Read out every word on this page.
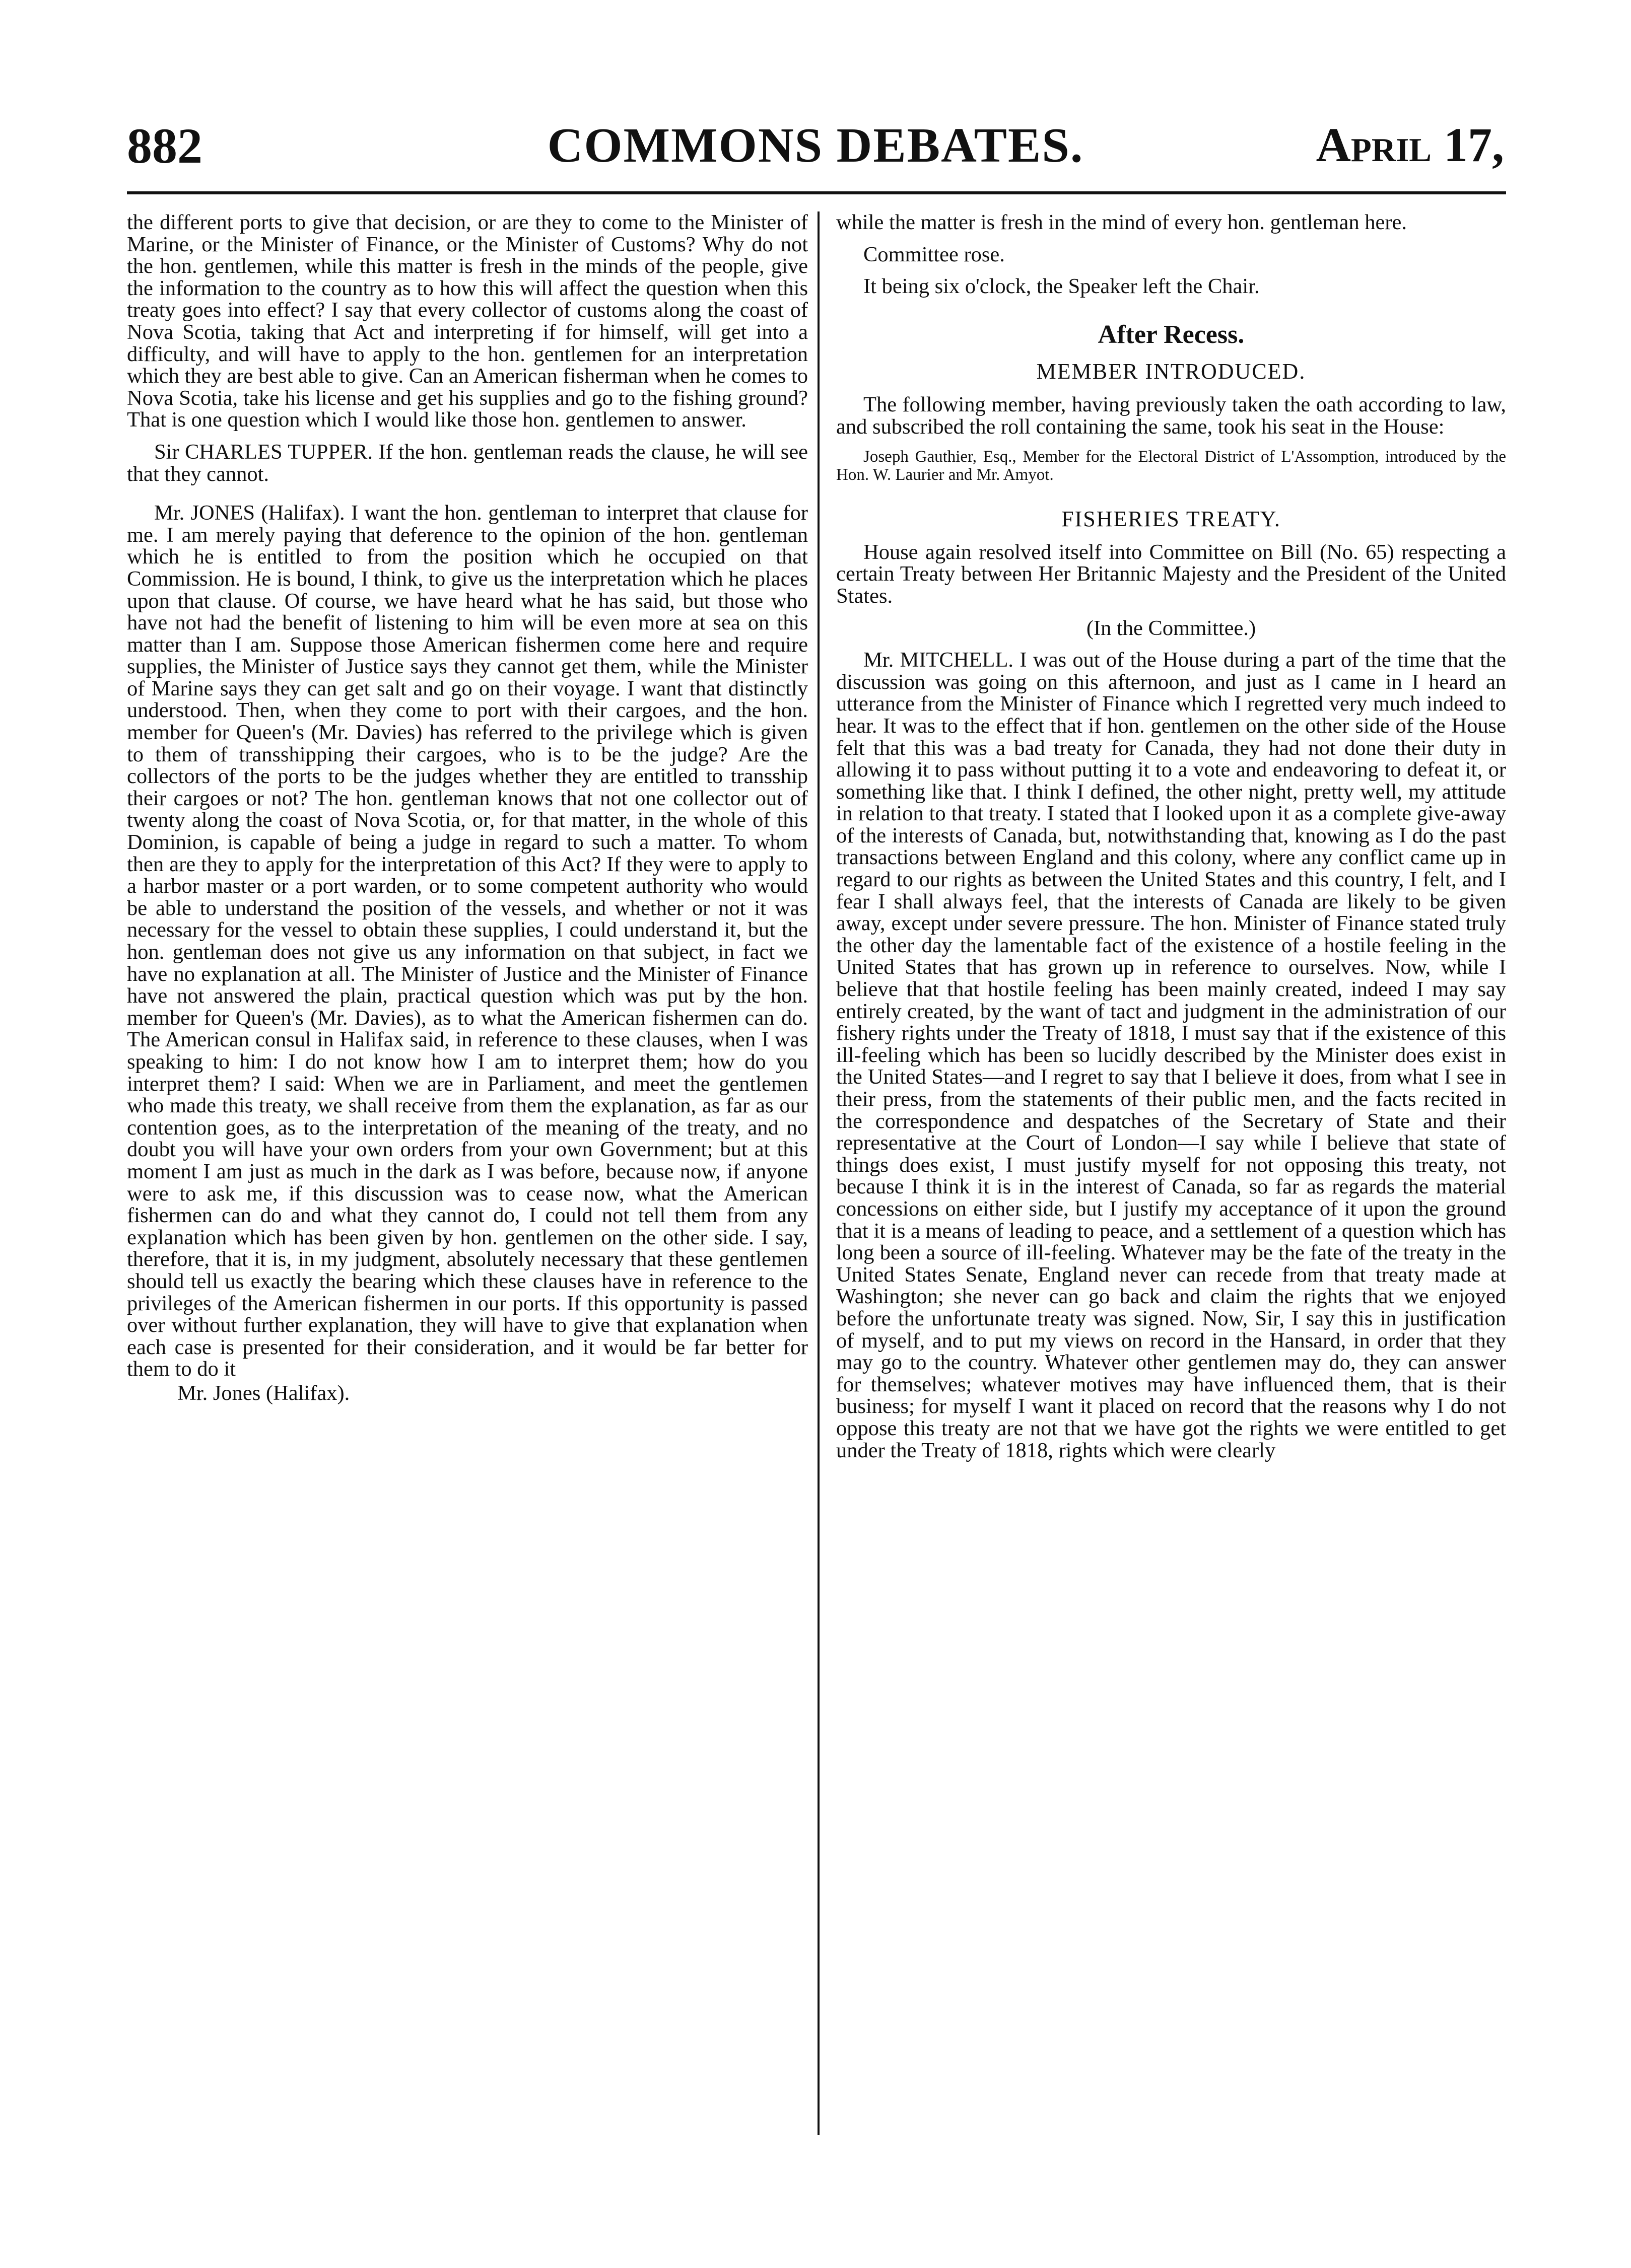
COMMONS DEBATES.
882	April 17,

the different ports to give that decision, or are they to come to the Minister of Marine, or the Minister of Finance, or the Minister of Customs? Why do not the hon. gentlemen, while this matter is fresh in the minds of the people, give the information to the country as to how this will affect the question when this treaty goes into effect? I say that every collector of customs along the coast of Nova Scotia, taking that Act and interpreting if for himself, will get into a difficulty, and will have to apply to the hon. gentlemen for an interpretation which they are best able to give. Can an American fisherman when he comes to Nova Scotia, take his license and get his supplies and go to the fishing ground? That is one question which I would like those hon. gentlemen to answer.

Sir CHARLES TUPPER. If the hon. gentleman reads the clause, he will see that they cannot.

Mr. JONES (Halifax). I want the hon. gentleman to interpret that clause for me. I am merely paying that deference to the opinion of the hon. gentleman which he is entitled to from the position which he occupied on that Commission. He is bound, I think, to give us the interpretation which he places upon that clause. Of course, we have heard what he has said, but those who have not had the benefit of listening to him will be even more at sea on this matter than I am. Suppose those American fishermen come here and require supplies, the Minister of Justice says they cannot get them, while the Minister of Marine says they can get salt and go on their voyage. I want that distinctly understood. Then, when they come to port with their cargoes, and the hon. member for Queen's (Mr. Davies) has referred to the privilege which is given to them of transshipping their cargoes, who is to be the judge? Are the collectors of the ports to be the judges whether they are entitled to transship their cargoes or not? The hon. gentleman knows that not one collector out of twenty along the coast of Nova Scotia, or, for that matter, in the whole of this Dominion, is capable of being a judge in regard to such a matter. To whom then are they to apply for the interpretation of this Act? If they were to apply to a harbor master or a port warden, or to some competent authority who would be able to understand the position of the vessels, and whether or not it was necessary for the vessel to obtain these supplies, I could understand it, but the hon. gentleman does not give us any information on that subject, in fact we have no explanation at all. The Minister of Justice and the Minister of Finance have not answered the plain, practical question which was put by the hon. member for Queen's (Mr. Davies), as to what the American fishermen can do. The American consul in Halifax said, in reference to these clauses, when I was speaking to him: I do not know how I am to interpret them; how do you interpret them? I said: When we are in Parliament, and meet the gentlemen who made this treaty, we shall receive from them the explanation, as far as our contention goes, as to the interpretation of the meaning of the treaty, and no doubt you will have your own orders from your own Government; but at this moment I am just as much in the dark as I was before, because now, if anyone were to ask me, if this discussion was to cease now, what the American fishermen can do and what they cannot do, I could not tell them from any explanation which has been given by hon. gentlemen on the other side. I say, therefore, that it is, in my judgment, absolutely necessary that these gentlemen should tell us exactly the bearing which these clauses have in reference to the privileges of the American fishermen in our ports. If this opportunity is passed over without further explanation, they will have to give that explanation when each case is presented for their consideration, and it would be far better for them to do it

Mr. Jones (Halifax).

while the matter is fresh in the mind of every hon. gentleman here.

Committee rose.

It being six o'clock, the Speaker left the Chair.

After Recess.
MEMBER INTRODUCED.

The following member, having previously taken the oath according to law, and subscribed the roll containing the same, took his seat in the House:

Joseph Gauthier, Esq., Member for the Electoral District of L'Assomption, introduced by the Hon. W. Laurier and Mr. Amyot.

FISHERIES TREATY.

House again resolved itself into Committee on Bill (No. 65) respecting a certain Treaty between Her Britannic Majesty and the President of the United States.

(In the Committee.)

Mr. MITCHELL. I was out of the House during a part of the time that the discussion was going on this afternoon, and just as I came in I heard an utterance from the Minister of Finance which I regretted very much indeed to hear. It was to the effect that if hon. gentlemen on the other side of the House felt that this was a bad treaty for Canada, they had not done their duty in allowing it to pass without putting it to a vote and endeavoring to defeat it, or something like that. I think I defined, the other night, pretty well, my attitude in relation to that treaty. I stated that I looked upon it as a complete give-away of the interests of Canada, but, notwithstanding that, knowing as I do the past transactions between England and this colony, where any conflict came up in regard to our rights as between the United States and this country, I felt, and I fear I shall always feel, that the interests of Canada are likely to be given away, except under severe pressure. The hon. Minister of Finance stated truly the other day the lamentable fact of the existence of a hostile feeling in the United States that has grown up in reference to ourselves. Now, while I believe that that hostile feeling has been mainly created, indeed I may say entirely created, by the want of tact and judgment in the administration of our fishery rights under the Treaty of 1818, I must say that if the existence of this ill-feeling which has been so lucidly described by the Minister does exist in the United States—and I regret to say that I believe it does, from what I see in their press, from the statements of their public men, and the facts recited in the correspondence and despatches of the Secretary of State and their representative at the Court of London—I say while I believe that state of things does exist, I must justify myself for not opposing this treaty, not because I think it is in the interest of Canada, so far as regards the material concessions on either side, but I justify my acceptance of it upon the ground that it is a means of leading to peace, and a settlement of a question which has long been a source of ill-feeling. Whatever may be the fate of the treaty in the United States Senate, England never can recede from that treaty made at Washington; she never can go back and claim the rights that we enjoyed before the unfortunate treaty was signed. Now, Sir, I say this in justification of myself, and to put my views on record in the Hansard, in order that they may go to the country. Whatever other gentlemen may do, they can answer for themselves; whatever motives may have influenced them, that is their business; for myself I want it placed on record that the reasons why I do not oppose this treaty are not that we have got the rights we were entitled to get under the Treaty of 1818, rights which were clearly
